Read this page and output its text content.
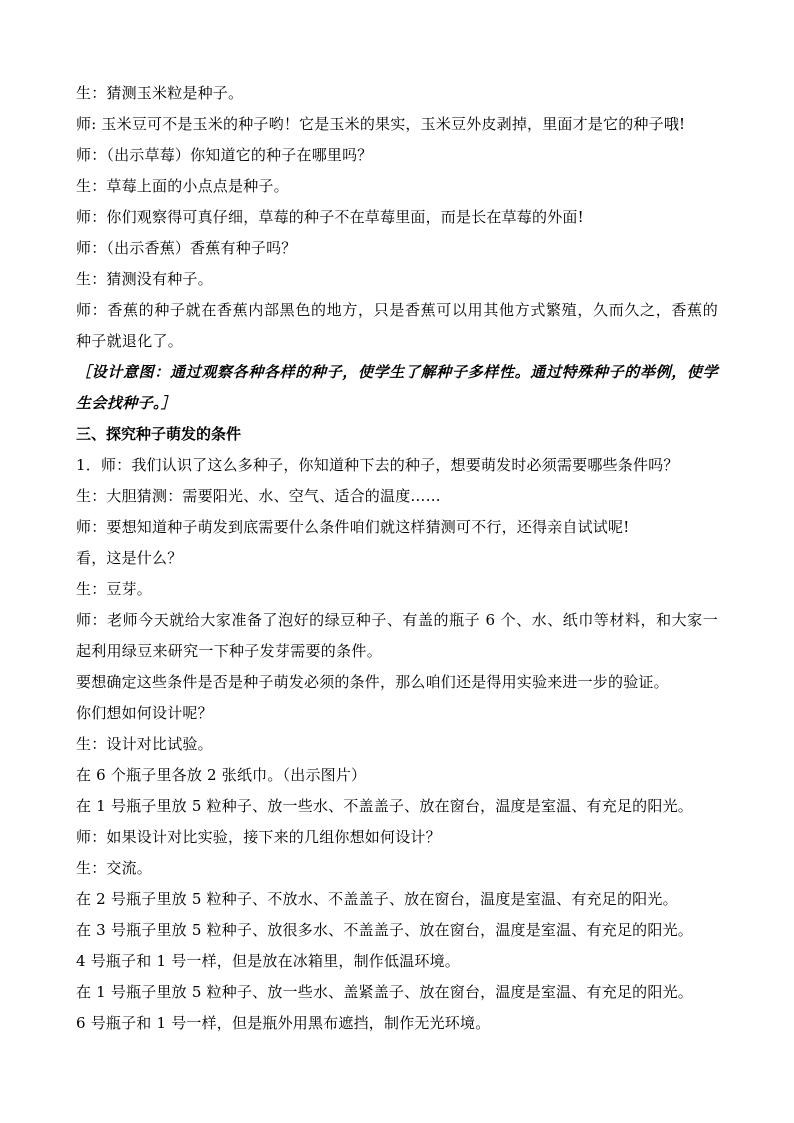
生：猜测玉米粒是种子。
师: 玉米豆可不是玉米的种子哟！它是玉米的果实，玉米豆外皮剥掉，里面才是它的种子哦!
师：（出示草莓）你知道它的种子在哪里吗？
生：草莓上面的小点点是种子。
师：你们观察得可真仔细，草莓的种子不在草莓里面，而是长在草莓的外面!
师：（出示香蕉）香蕉有种子吗？
生：猜测没有种子。
师：香蕉的种子就在香蕉内部黑色的地方，只是香蕉可以用其他方式繁殖，久而久之，香蕉的种子就退化了。
［设计意图：通过观察各种各样的种子，使学生了解种子多样性。通过特殊种子的举例，使学生会找种子。］
三、探究种子萌发的条件
1．师：我们认识了这么多种子，你知道种下去的种子，想要萌发时必须需要哪些条件吗？
生：大胆猜测：需要阳光、水、空气、适合的温度……
师：要想知道种子萌发到底需要什么条件咱们就这样猜测可不行，还得亲自试试呢!
看，这是什么？
生：豆芽。
师：老师今天就给大家准备了泡好的绿豆种子、有盖的瓶子 6 个、水、纸巾等材料，和大家一起利用绿豆来研究一下种子发芽需要的条件。
要想确定这些条件是否是种子萌发必须的条件，那么咱们还是得用实验来进一步的验证。
你们想如何设计呢？
生：设计对比试验。
在 6 个瓶子里各放 2 张纸巾。（出示图片）
在 1 号瓶子里放 5 粒种子、放一些水、不盖盖子、放在窗台，温度是室温、有充足的阳光。
师：如果设计对比实验，接下来的几组你想如何设计？
生：交流。
在 2 号瓶子里放 5 粒种子、不放水、不盖盖子、放在窗台，温度是室温、有充足的阳光。
在 3 号瓶子里放 5 粒种子、放很多水、不盖盖子、放在窗台，温度是室温、有充足的阳光。
4 号瓶子和 1 号一样，但是放在冰箱里，制作低温环境。
在 1 号瓶子里放 5 粒种子、放一些水、盖紧盖子、放在窗台，温度是室温、有充足的阳光。
6 号瓶子和 1 号一样，但是瓶外用黑布遮挡，制作无光环境。
